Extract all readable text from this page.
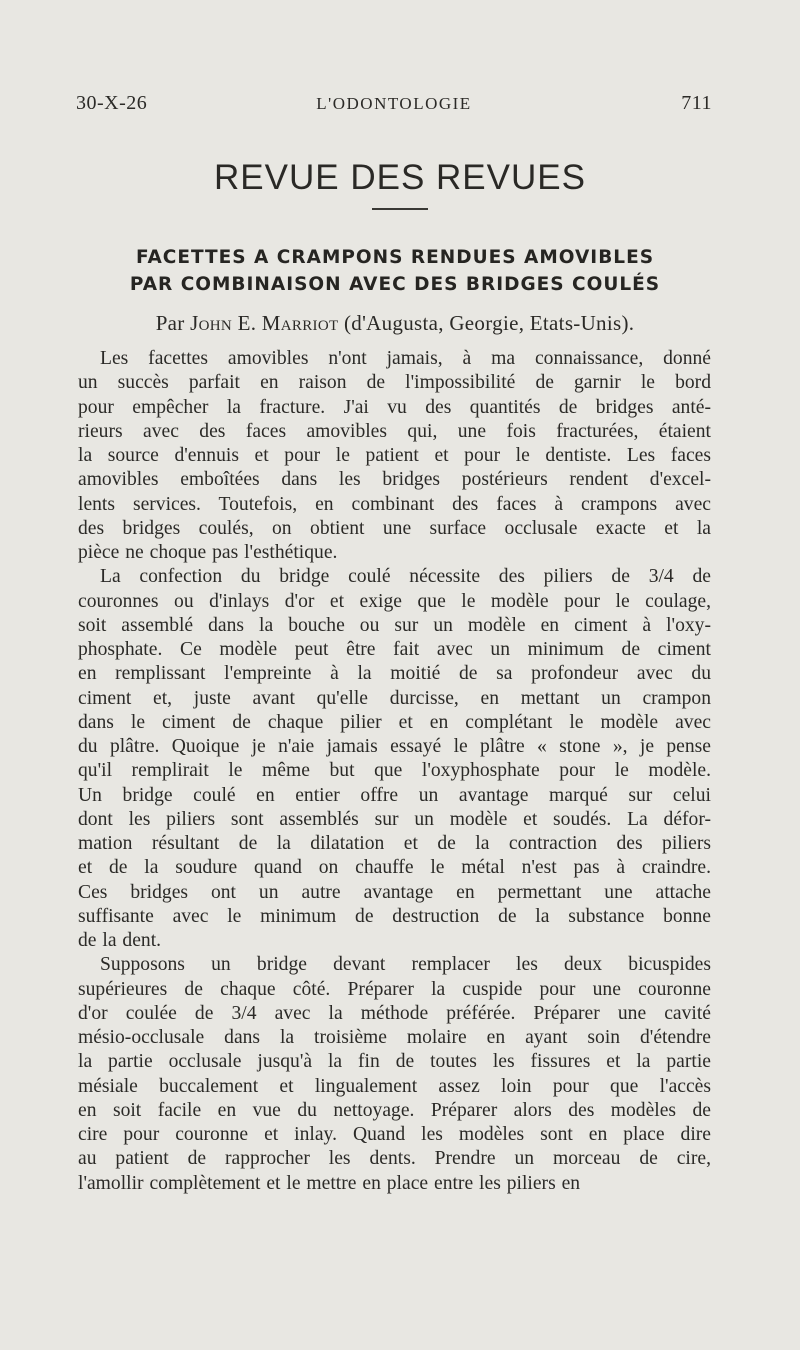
30-X-26	L'ODONTOLOGIE	711
REVUE DES REVUES
FACETTES A CRAMPONS RENDUES AMOVIBLES
PAR COMBINAISON AVEC DES BRIDGES COULÉS
Par John E. Marriot (d'Augusta, Georgie, Etats-Unis).
Les facettes amovibles n'ont jamais, à ma connaissance, donné
un succès parfait en raison de l'impossibilité de garnir le bord
pour empêcher la fracture. J'ai vu des quantités de bridges anté-
rieurs avec des faces amovibles qui, une fois fracturées, étaient
la source d'ennuis et pour le patient et pour le dentiste. Les faces
amovibles emboîtées dans les bridges postérieurs rendent d'excel-
lents services. Toutefois, en combinant des faces à crampons avec
des bridges coulés, on obtient une surface occlusale exacte et la
pièce ne choque pas l'esthétique.
La confection du bridge coulé nécessite des piliers de 3/4 de
couronnes ou d'inlays d'or et exige que le modèle pour le coulage,
soit assemblé dans la bouche ou sur un modèle en ciment à l'oxy-
phosphate. Ce modèle peut être fait avec un minimum de ciment
en remplissant l'empreinte à la moitié de sa profondeur avec du
ciment et, juste avant qu'elle durcisse, en mettant un crampon
dans le ciment de chaque pilier et en complétant le modèle avec
du plâtre. Quoique je n'aie jamais essayé le plâtre « stone », je pense
qu'il remplirait le même but que l'oxyphosphate pour le modèle.
Un bridge coulé en entier offre un avantage marqué sur celui
dont les piliers sont assemblés sur un modèle et soudés. La défor-
mation résultant de la dilatation et de la contraction des piliers
et de la soudure quand on chauffe le métal n'est pas à craindre.
Ces bridges ont un autre avantage en permettant une attache
suffisante avec le minimum de destruction de la substance bonne
de la dent.
Supposons un bridge devant remplacer les deux bicuspides
supérieures de chaque côté. Préparer la cuspide pour une couronne
d'or coulée de 3/4 avec la méthode préférée. Préparer une cavité
mésio-occlusale dans la troisième molaire en ayant soin d'étendre
la partie occlusale jusqu'à la fin de toutes les fissures et la partie
mésiale buccalement et lingualement assez loin pour que l'accès
en soit facile en vue du nettoyage. Préparer alors des modèles de
cire pour couronne et inlay. Quand les modèles sont en place dire
au patient de rapprocher les dents. Prendre un morceau de cire,
l'amollir complètement et le mettre en place entre les piliers en
